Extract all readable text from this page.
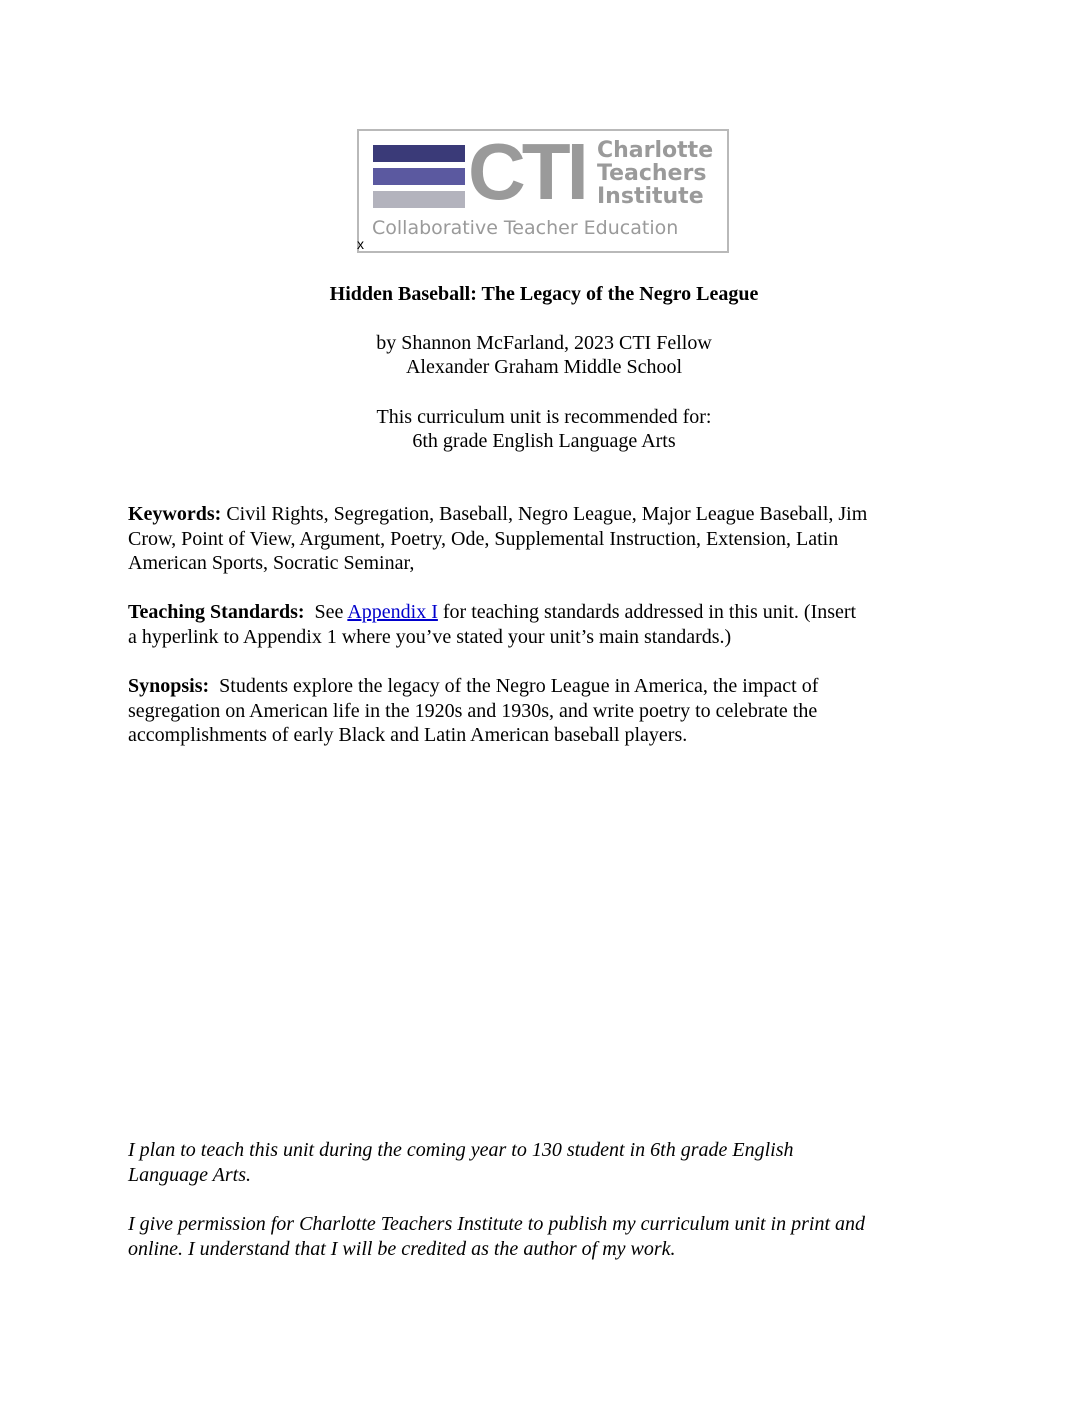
CTI Charlotte
Teachers
Institute
Collaborative Teacher Education
x
Hidden Baseball: The Legacy of the Negro League
by Shannon McFarland, 2023 CTI Fellow
Alexander Graham Middle School
This curriculum unit is recommended for:
6th grade English Language Arts
Keywords: Civil Rights, Segregation, Baseball, Negro League, Major League Baseball, Jim
Crow, Point of View, Argument, Poetry, Ode, Supplemental Instruction, Extension, Latin
American Sports, Socratic Seminar,
Teaching Standards: See Appendix I for teaching standards addressed in this unit. (Insert
a hyperlink to Appendix 1 where you’ve stated your unit’s main standards.)
Synopsis: Students explore the legacy of the Negro League in America, the impact of
segregation on American life in the 1920s and 1930s, and write poetry to celebrate the
accomplishments of early Black and Latin American baseball players.
I plan to teach this unit during the coming year to 130 student in 6th grade English
Language Arts.
I give permission for Charlotte Teachers Institute to publish my curriculum unit in print and
online. I understand that I will be credited as the author of my work.
